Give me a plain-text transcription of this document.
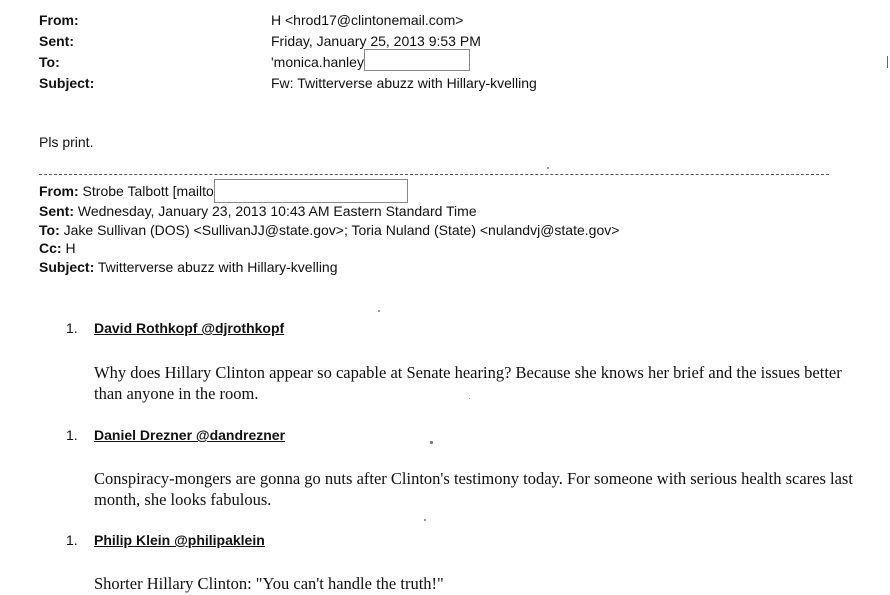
From:	H <hrod17@clintonemail.com>
Sent:	Friday, January 25, 2013 9:53 PM
To:	'monica.hanley
Subject:	Fw: Twitterverse abuzz with Hillary-kvelling
Pls print.
From: Strobe Talbott [mailto
Sent: Wednesday, January 23, 2013 10:43 AM Eastern Standard Time
To: Jake Sullivan (DOS) <SullivanJJ@state.gov>; Toria Nuland (State) <nulandvj@state.gov>
Cc: H
Subject: Twitterverse abuzz with Hillary-kvelling
1. David Rothkopf @djrothkopf
Why does Hillary Clinton appear so capable at Senate hearing? Because she knows her brief and the issues better than anyone in the room.
1. Daniel Drezner @dandrezner
Conspiracy-mongers are gonna go nuts after Clinton's testimony today. For someone with serious health scares last month, she looks fabulous.
1. Philip Klein @philipaklein
Shorter Hillary Clinton: "You can't handle the truth!"
